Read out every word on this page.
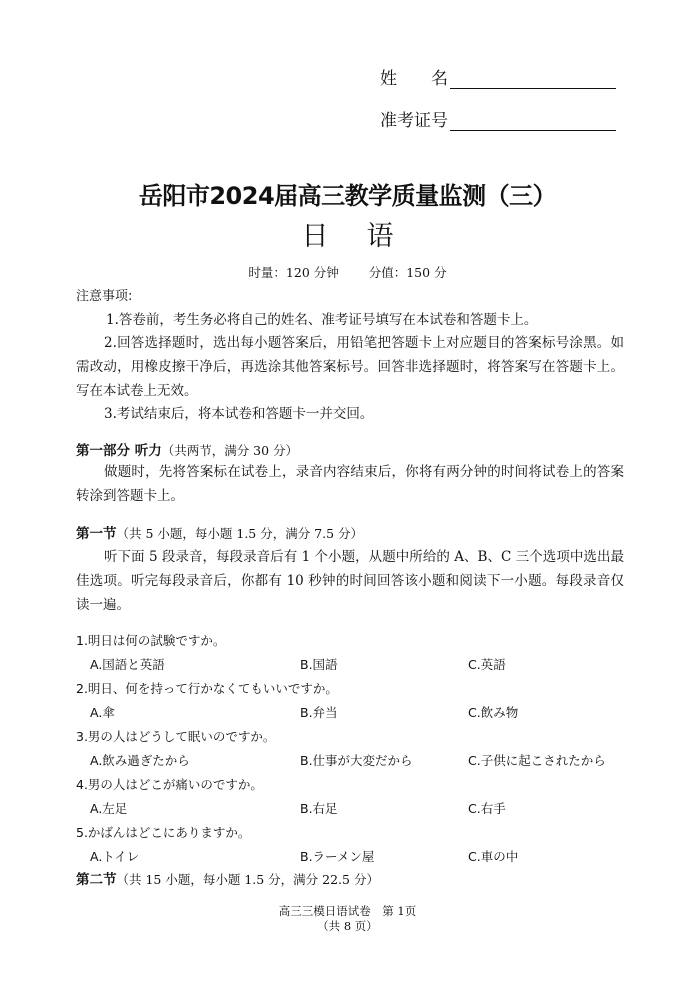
姓　　名
准考证号
岳阳市2024届高三教学质量监测（三）
日语
时量：120 分钟 分值：150 分
注意事项:
1.答卷前，考生务必将自己的姓名、准考证号填写在本试卷和答题卡上。
2.回答选择题时，选出每小题答案后，用铅笔把答题卡上对应题目的答案标号涂黑。如需改动，用橡皮擦干净后，再选涂其他答案标号。回答非选择题时，将答案写在答题卡上。写在本试卷上无效。
3.考试结束后，将本试卷和答题卡一并交回。
第一部分 听力（共两节，满分 30 分）
做题时，先将答案标在试卷上，录音内容结束后，你将有两分钟的时间将试卷上的答案转涂到答题卡上。
第一节（共 5 小题，每小题 1.5 分，满分 7.5 分）
听下面 5 段录音，每段录音后有 1 个小题，从题中所给的 A、B、C 三个选项中选出最佳选项。听完每段录音后，你都有 10 秒钟的时间回答该小题和阅读下一小题。每段录音仅读一遍。
1.明日は何の試験ですか。
A.国語と英語	B.国語	C.英語
2.明日、何を持って行かなくてもいいですか。
A.傘	B.弁当	C.飲み物
3.男の人はどうして眠いのですか。
A.飲み過ぎたから	B.仕事が大変だから	C.子供に起こされたから
4.男の人はどこが痛いのですか。
A.左足	B.右足	C.右手
5.かばんはどこにありますか。
A.トイレ	B.ラーメン屋	C.車の中
第二节（共 15 小题，每小题 1.5 分，满分 22.5 分）
高三三模日语试卷　第 1页
（共 8 页）
